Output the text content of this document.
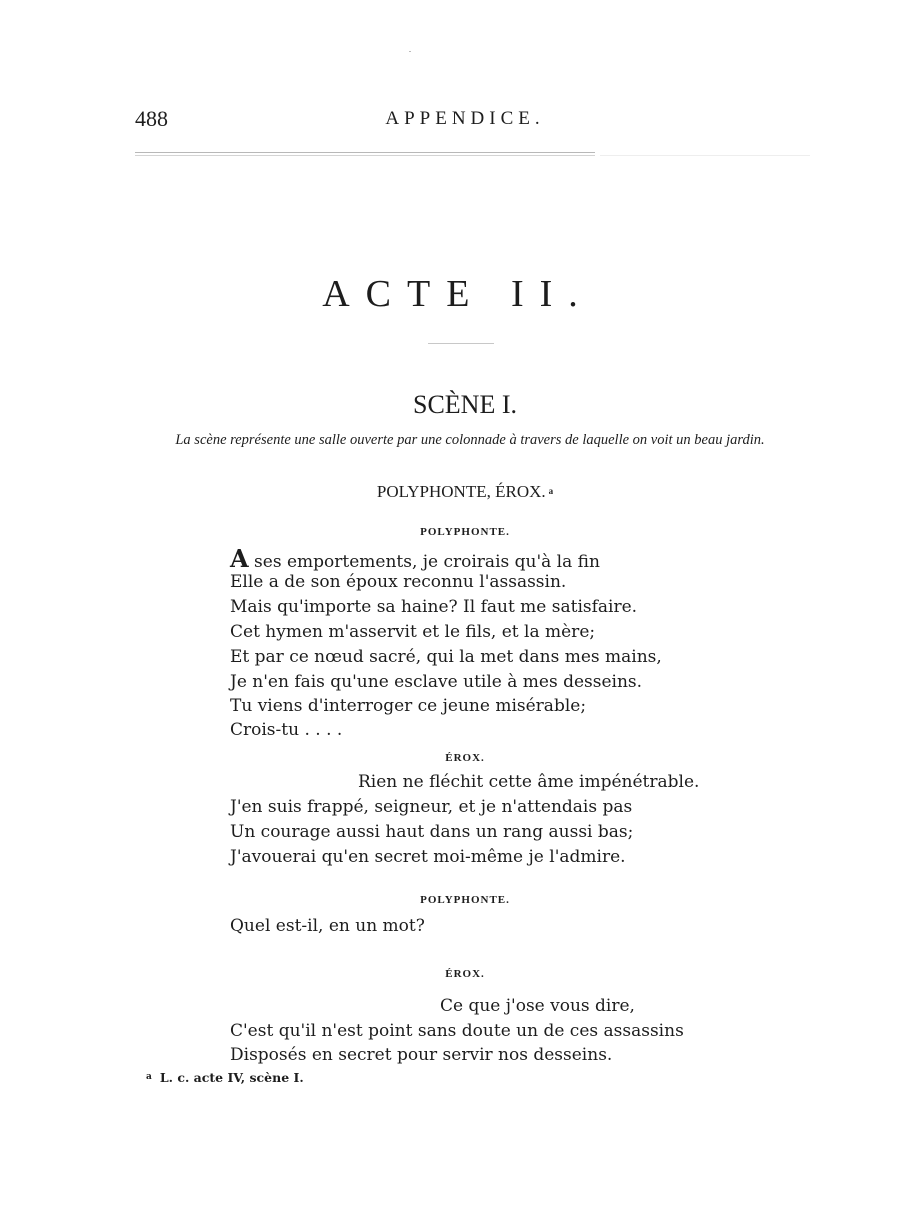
488	APPENDICE.
ACTE II.
SCÈNE I.
La scène représente une salle ouverte par une colonnade à travers de laquelle on voit un beau jardin.
POLYPHONTE, ÉROX. a
POLYPHONTE.
A ses emportements, je croirais qu'à la fin
Elle a de son époux reconnu l'assassin.
Mais qu'importe sa haine? Il faut me satisfaire.
Cet hymen m'asservit et le fils, et la mère;
Et par ce nœud sacré, qui la met dans mes mains,
Je n'en fais qu'une esclave utile à mes desseins.
Tu viens d'interroger ce jeune misérable;
Crois-tu . . . .
ÉROX.
Rien ne fléchit cette âme impénétrable.
J'en suis frappé, seigneur, et je n'attendais pas
Un courage aussi haut dans un rang aussi bas;
J'avouerai qu'en secret moi-même je l'admire.
POLYPHONTE.
Quel est-il, en un mot?
ÉROX.
Ce que j'ose vous dire,
C'est qu'il n'est point sans doute un de ces assassins
Disposés en secret pour servir nos desseins.
$^a$ L. c. acte IV, scène I.
